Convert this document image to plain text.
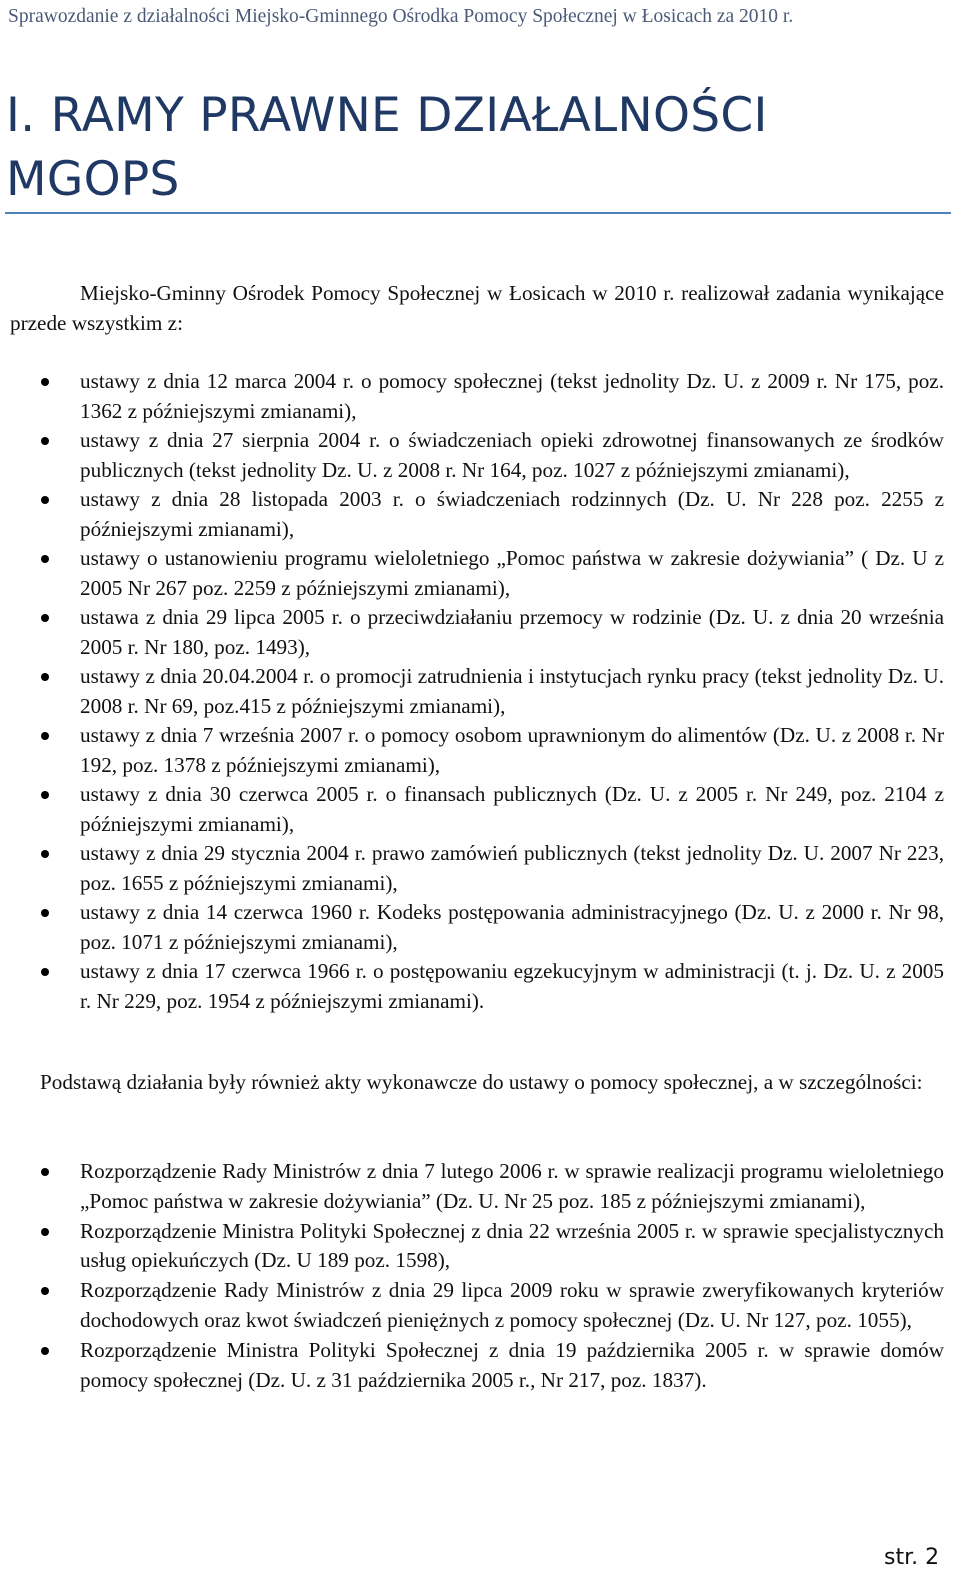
Sprawozdanie z działalności Miejsko-Gminnego Ośrodka Pomocy Społecznej w Łosicach za 2010 r.
I. RAMY PRAWNE DZIAŁALNOŚCI MGOPS

Miejsko-Gminny Ośrodek Pomocy Społecznej w Łosicach w 2010 r. realizował zadania wynikające przede wszystkim z:

ustawy z dnia 12 marca 2004 r. o pomocy społecznej (tekst jednolity Dz. U. z 2009 r. Nr 175, poz. 1362 z późniejszymi zmianami),
ustawy z dnia 27 sierpnia 2004 r. o świadczeniach opieki zdrowotnej finansowanych ze środków publicznych (tekst jednolity Dz. U. z 2008 r. Nr 164, poz. 1027 z późniejszymi zmianami),
ustawy z dnia 28 listopada 2003 r. o świadczeniach rodzinnych (Dz. U. Nr 228 poz. 2255 z późniejszymi zmianami),
ustawy o ustanowieniu programu wieloletniego „Pomoc państwa w zakresie dożywiania” ( Dz. U z 2005 Nr 267 poz. 2259 z późniejszymi zmianami),
ustawa z dnia 29 lipca 2005 r. o przeciwdziałaniu przemocy w rodzinie (Dz. U. z dnia 20 września 2005 r. Nr 180, poz. 1493),
ustawy z dnia 20.04.2004 r. o promocji zatrudnienia i instytucjach rynku pracy (tekst jednolity Dz. U. 2008 r. Nr 69, poz.415 z późniejszymi zmianami),
ustawy z dnia 7 września 2007 r. o pomocy osobom uprawnionym do alimentów (Dz. U. z 2008 r. Nr 192, poz. 1378 z późniejszymi zmianami),
ustawy z dnia 30 czerwca 2005 r. o finansach publicznych (Dz. U. z 2005 r. Nr 249, poz. 2104 z późniejszymi zmianami),
ustawy z dnia 29 stycznia 2004 r. prawo zamówień publicznych (tekst jednolity Dz. U. 2007 Nr 223, poz. 1655 z późniejszymi zmianami),
ustawy z dnia 14 czerwca 1960 r. Kodeks postępowania administracyjnego (Dz. U. z 2000 r. Nr 98, poz. 1071 z późniejszymi zmianami),
ustawy z dnia 17 czerwca 1966 r. o postępowaniu egzekucyjnym w administracji (t. j. Dz. U. z 2005 r. Nr 229, poz. 1954 z późniejszymi zmianami).

Podstawą działania były również akty wykonawcze do ustawy o pomocy społecznej, a w szczególności:

Rozporządzenie Rady Ministrów z dnia 7 lutego 2006 r. w sprawie realizacji programu wieloletniego „Pomoc państwa w zakresie dożywiania” (Dz. U. Nr 25 poz. 185 z późniejszymi zmianami),
Rozporządzenie Ministra Polityki Społecznej z dnia 22 września 2005 r. w sprawie specjalistycznych usług opiekuńczych (Dz. U 189 poz. 1598),
Rozporządzenie Rady Ministrów z dnia 29 lipca 2009 roku w sprawie zweryfikowanych kryteriów dochodowych oraz kwot świadczeń pieniężnych z pomocy społecznej (Dz. U. Nr 127, poz. 1055),
Rozporządzenie Ministra Polityki Społecznej z dnia 19 października 2005 r. w sprawie domów pomocy społecznej (Dz. U. z 31 października 2005 r., Nr 217, poz. 1837).
str. 2
